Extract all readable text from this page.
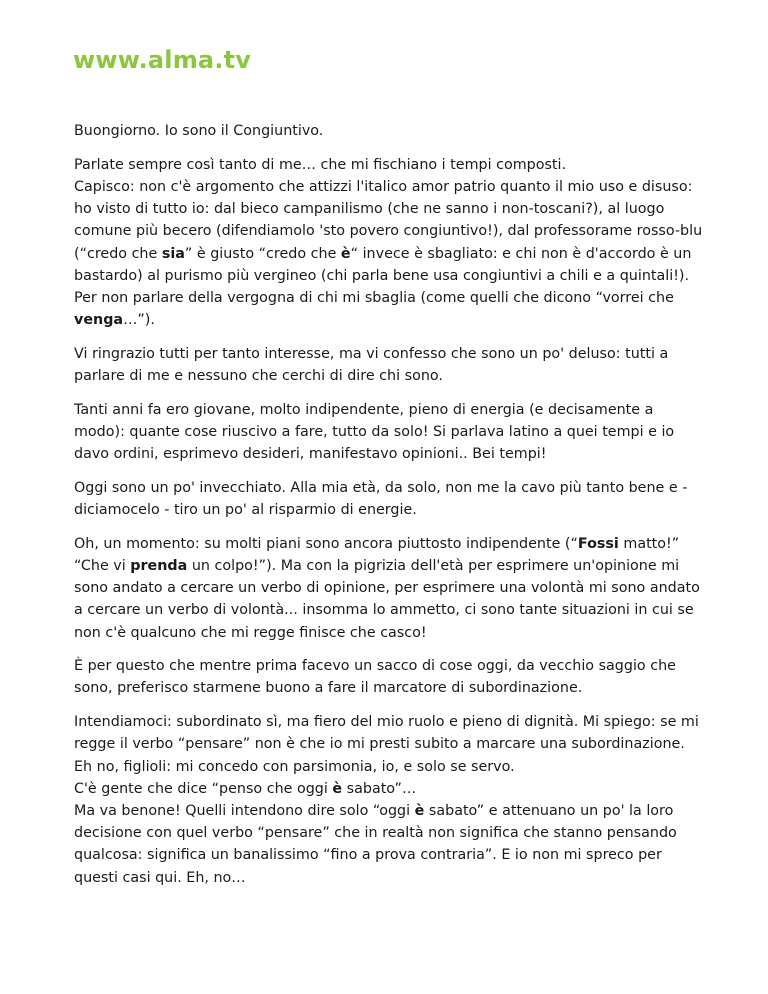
www.alma.tv

Buongiorno. Io sono il Congiuntivo.

Parlate sempre così tanto di me… che mi fischiano i tempi composti.
Capisco: non c'è argomento che attizzi l'italico amor patrio quanto il mio uso e disuso: ho visto di tutto io: dal bieco campanilismo (che ne sanno i non-toscani?), al luogo comune più becero (difendiamolo 'sto povero congiuntivo!), dal professorame rosso-blu (“credo che sia” è giusto “credo che è“ invece è sbagliato: e chi non è d'accordo è un bastardo) al purismo più vergineo (chi parla bene usa congiuntivi a chili e a quintali!). Per non parlare della vergogna di chi mi sbaglia (come quelli che dicono “vorrei che venga…”).

Vi ringrazio tutti per tanto interesse, ma vi confesso che sono un po' deluso: tutti a parlare di me e nessuno che cerchi di dire chi sono.

Tanti anni fa ero giovane, molto indipendente, pieno di energia (e decisamente a modo): quante cose riuscivo a fare, tutto da solo! Si parlava latino a quei tempi e io davo ordini, esprimevo desideri, manifestavo opinioni.. Bei tempi!

Oggi sono un po' invecchiato. Alla mia età, da solo, non me la cavo più tanto bene e - diciamocelo - tiro un po' al risparmio di energie.

Oh, un momento: su molti piani sono ancora piuttosto indipendente (“Fossi matto!” “Che vi prenda un colpo!”). Ma con la pigrizia dell'età per esprimere un'opinione mi sono andato a cercare un verbo di opinione, per esprimere una volontà mi sono andato a cercare un verbo di volontà... insomma lo ammetto, ci sono tante situazioni in cui se non c'è qualcuno che mi regge finisce che casco!

È per questo che mentre prima facevo un sacco di cose oggi, da vecchio saggio che sono, preferisco starmene buono a fare il marcatore di subordinazione.

Intendiamoci: subordinato sì, ma fiero del mio ruolo e pieno di dignità. Mi spiego: se mi regge il verbo “pensare” non è che io mi presti subito a marcare una subordinazione. Eh no, figlioli: mi concedo con parsimonia, io, e solo se servo.
C'è gente che dice “penso che oggi è sabato”…
Ma va benone! Quelli intendono dire solo “oggi è sabato” e attenuano un po' la loro decisione con quel verbo “pensare” che in realtà non significa che stanno pensando qualcosa: significa un banalissimo “fino a prova contraria”. E io non mi spreco per questi casi qui. Eh, no…
